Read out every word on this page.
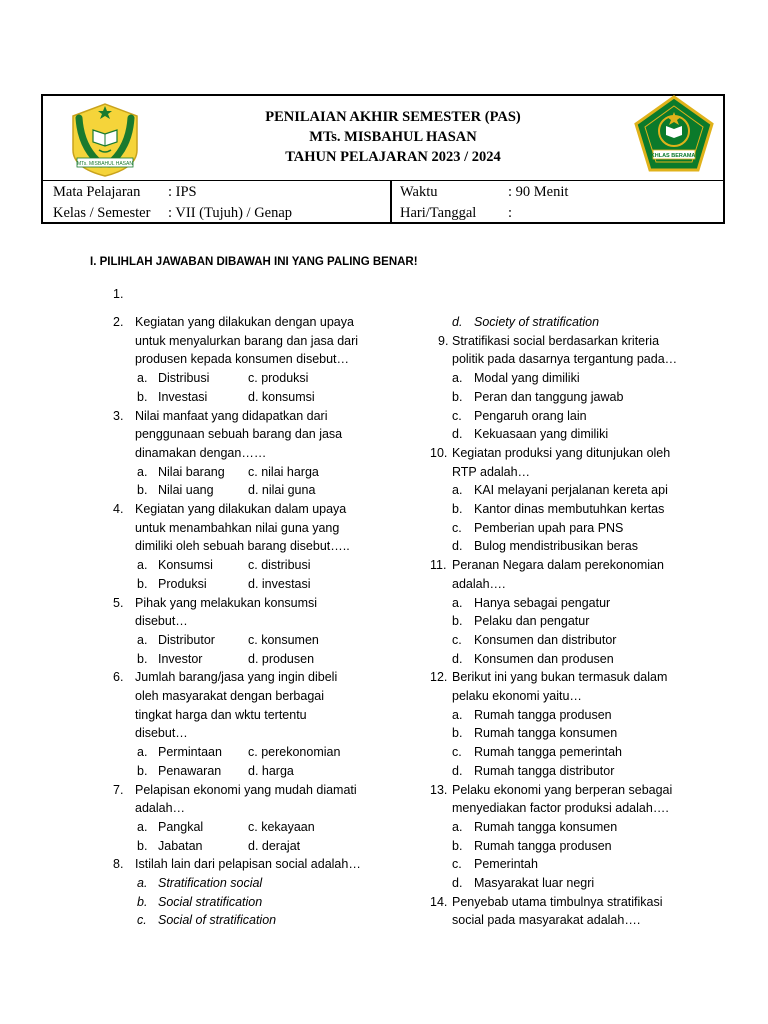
MTs. MISBAHUL HASAN
PENILAIAN AKHIR SEMESTER (PAS)
MTs. MISBAHUL HASAN
TAHUN PELAJARAN 2023 / 2024	IKHLAS BERAMAL
Mata Pelajaran : IPS	Waktu	: 90 Menit
Kelas / Semester : VII (Tujuh) / Genap	Hari/Tanggal :
I. PILIHLAH JAWABAN DIBAWAH INI YANG PALING BENAR!
1.
2. Kegiatan yang dilakukan dengan upaya
untuk menyalurkan barang dan jasa dari
produsen kepada konsumen disebut…
a. Distribusi	c. produksi
b. Investasi	d. konsumsi
3. Nilai manfaat yang didapatkan dari
penggunaan sebuah barang dan jasa
dinamakan dengan……
a. Nilai barang c. nilai harga
b. Nilai uang	d. nilai guna
4. Kegiatan yang dilakukan dalam upaya
untuk menambahkan nilai guna yang
dimiliki oleh sebuah barang disebut…..
a. Konsumsi	c. distribusi
b. Produksi	d. investasi
5. Pihak yang melakukan konsumsi
disebut…
a. Distributor	c. konsumen
b. Investor	d. produsen
6. Jumlah barang/jasa yang ingin dibeli
oleh masyarakat dengan berbagai
tingkat harga dan wktu tertentu
disebut…
a. Permintaan c. perekonomian
b. Penawaran d. harga
7. Pelapisan ekonomi yang mudah diamati
adalah…
a. Pangkal	c. kekayaan
b. Jabatan	d. derajat
8. Istilah lain dari pelapisan social adalah…
a. Stratification social
b. Social stratification
c. Social of stratification
d. Society of stratification
9. Stratifikasi social berdasarkan kriteria
politik pada dasarnya tergantung pada…
a. Modal yang dimiliki
b. Peran dan tanggung jawab
c. Pengaruh orang lain
d. Kekuasaan yang dimiliki
10. Kegiatan produksi yang ditunjukan oleh
RTP adalah…
a. KAI melayani perjalanan kereta api
b. Kantor dinas membutuhkan kertas
c. Pemberian upah para PNS
d. Bulog mendistribusikan beras
11. Peranan Negara dalam perekonomian
adalah….
a. Hanya sebagai pengatur
b. Pelaku dan pengatur
c. Konsumen dan distributor
d. Konsumen dan produsen
12. Berikut ini yang bukan termasuk dalam
pelaku ekonomi yaitu…
a. Rumah tangga produsen
b. Rumah tangga konsumen
c. Rumah tangga pemerintah
d. Rumah tangga distributor
13. Pelaku ekonomi yang berperan sebagai
menyediakan factor produksi adalah….
a. Rumah tangga konsumen
b. Rumah tangga produsen
c. Pemerintah
d. Masyarakat luar negri
14. Penyebab utama timbulnya stratifikasi
social pada masyarakat adalah….
